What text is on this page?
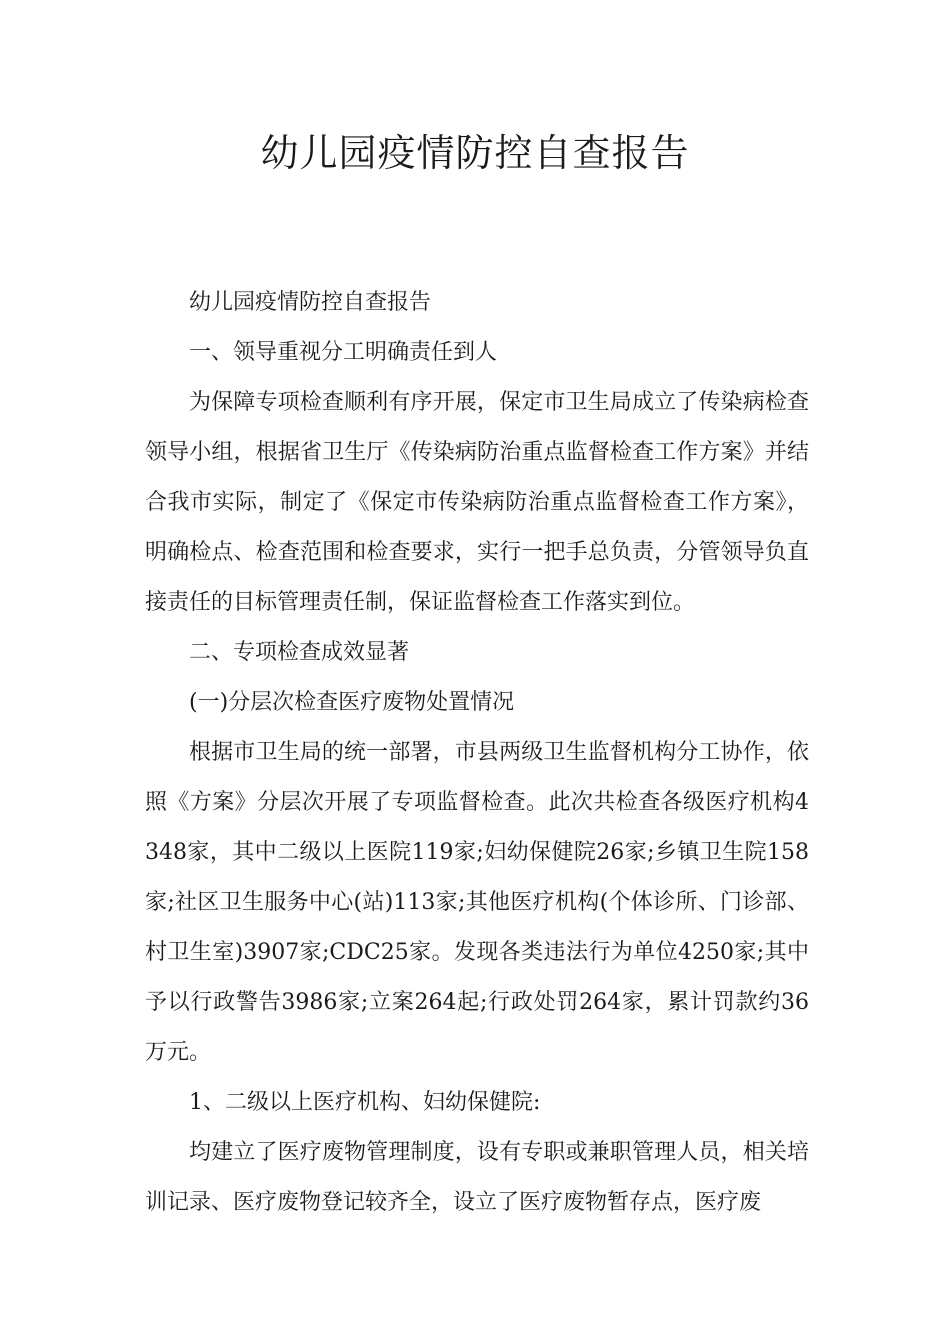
幼儿园疫情防控自查报告

幼儿园疫情防控自查报告

一、领导重视分工明确责任到人

为保障专项检查顺利有序开展，保定市卫生局成立了传染病检查领导小组，根据省卫生厅《传染病防治重点监督检查工作方案》并结合我市实际，制定了《保定市传染病防治重点监督检查工作方案》，明确检点、检查范围和检查要求，实行一把手总负责，分管领导负直接责任的目标管理责任制，保证监督检查工作落实到位。

二、专项检查成效显著

(一)分层次检查医疗废物处置情况

根据市卫生局的统一部署，市县两级卫生监督机构分工协作，依照《方案》分层次开展了专项监督检查。此次共检查各级医疗机构4348家，其中二级以上医院119家;妇幼保健院26家;乡镇卫生院158家;社区卫生服务中心(站)113家;其他医疗机构(个体诊所、门诊部、村卫生室)3907家;CDC25家。发现各类违法行为单位4250家;其中予以行政警告3986家;立案264起;行政处罚264家，累计罚款约36万元。

1、二级以上医疗机构、妇幼保健院:

均建立了医疗废物管理制度，设有专职或兼职管理人员，相关培训记录、医疗废物登记较齐全，设立了医疗废物暂存点，医疗废
